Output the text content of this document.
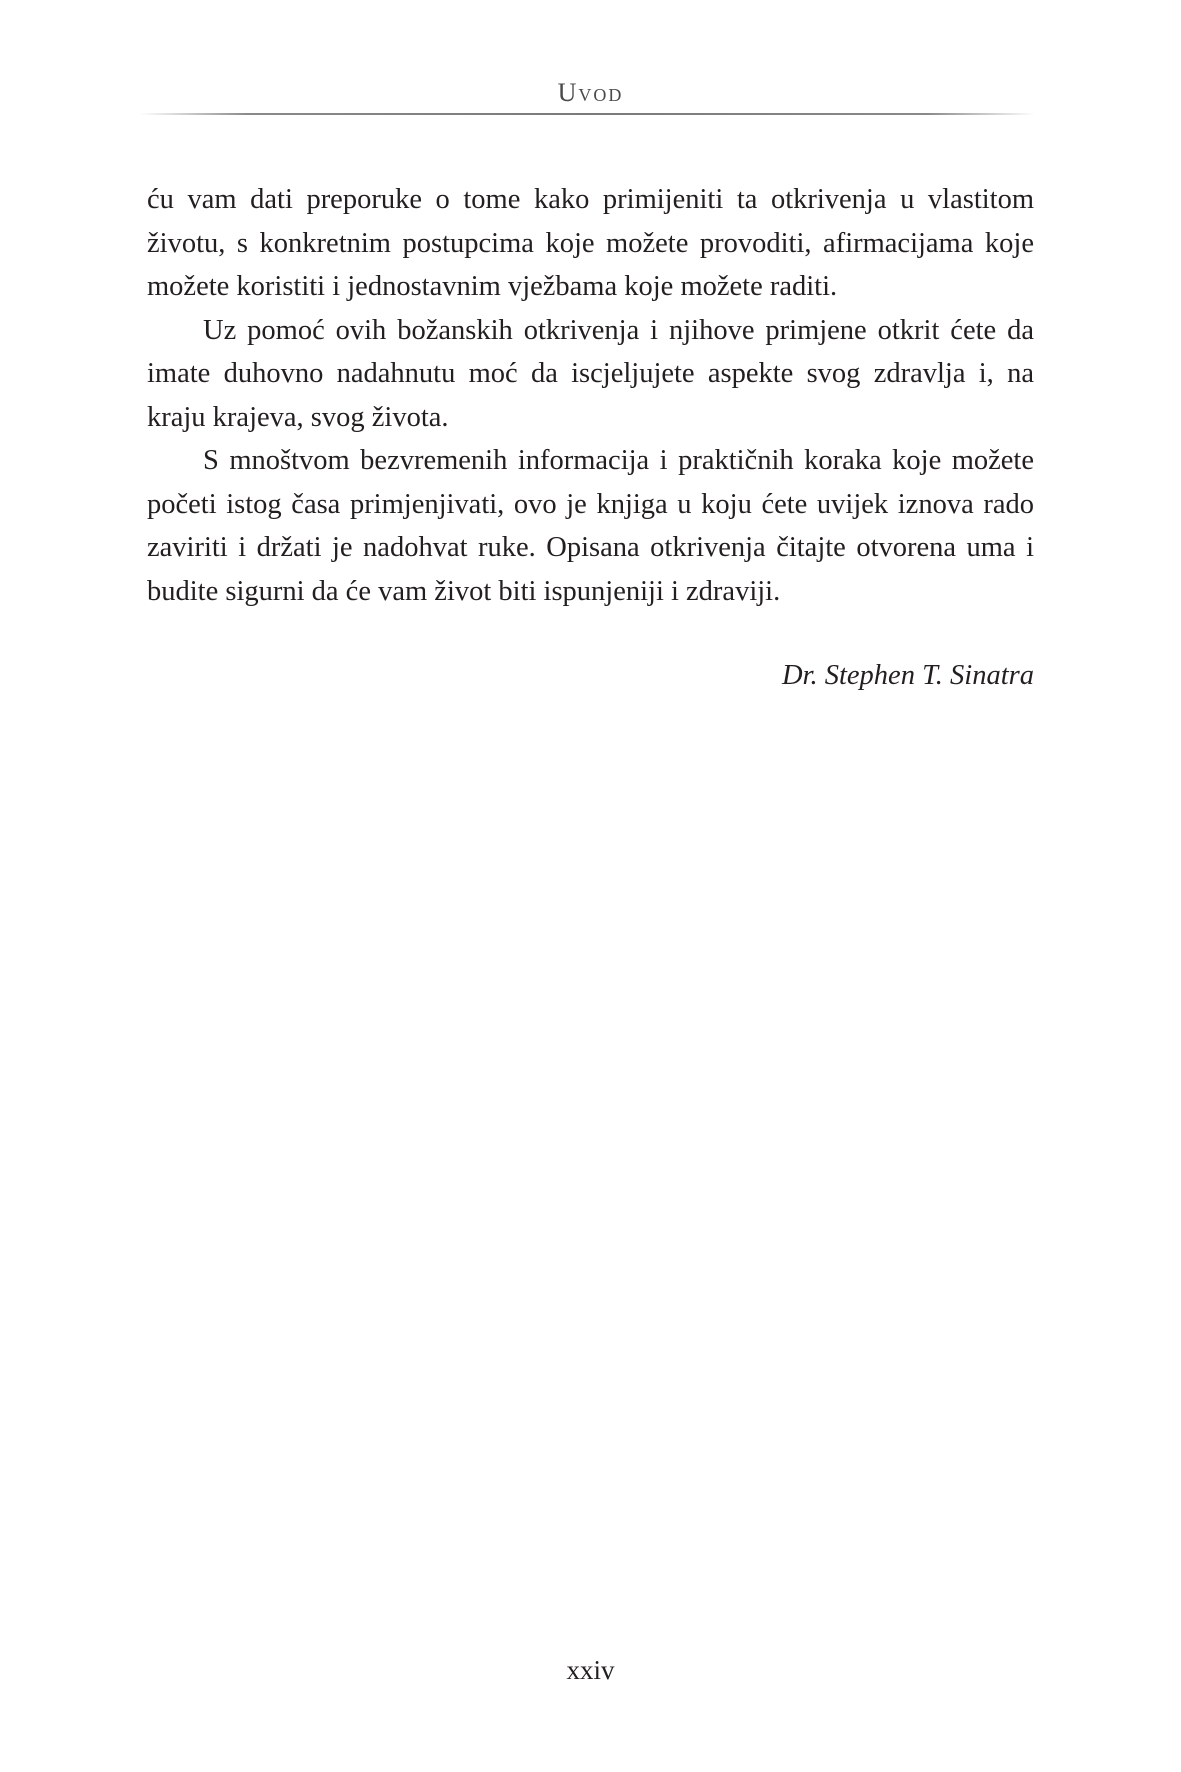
Uvod

ću vam dati preporuke o tome kako primijeniti ta otkrivenja u vlastitom životu, s konkretnim postupcima koje možete provoditi, afirmacijama koje možete koristiti i jednostavnim vježbama koje možete raditi.

Uz pomoć ovih božanskih otkrivenja i njihove primjene otkrit ćete da imate duhovno nadahnutu moć da iscjeljujete aspekte svog zdravlja i, na kraju krajeva, svog života.

S mnoštvom bezvremenih informacija i praktičnih koraka koje možete početi istog časa primjenjivati, ovo je knjiga u koju ćete uvijek iznova rado zaviriti i držati je nadohvat ruke. Opisana otkrivenja čitajte otvorena uma i budite sigurni da će vam život biti ispunjeniji i zdraviji.

Dr. Stephen T. Sinatra
xxiv
